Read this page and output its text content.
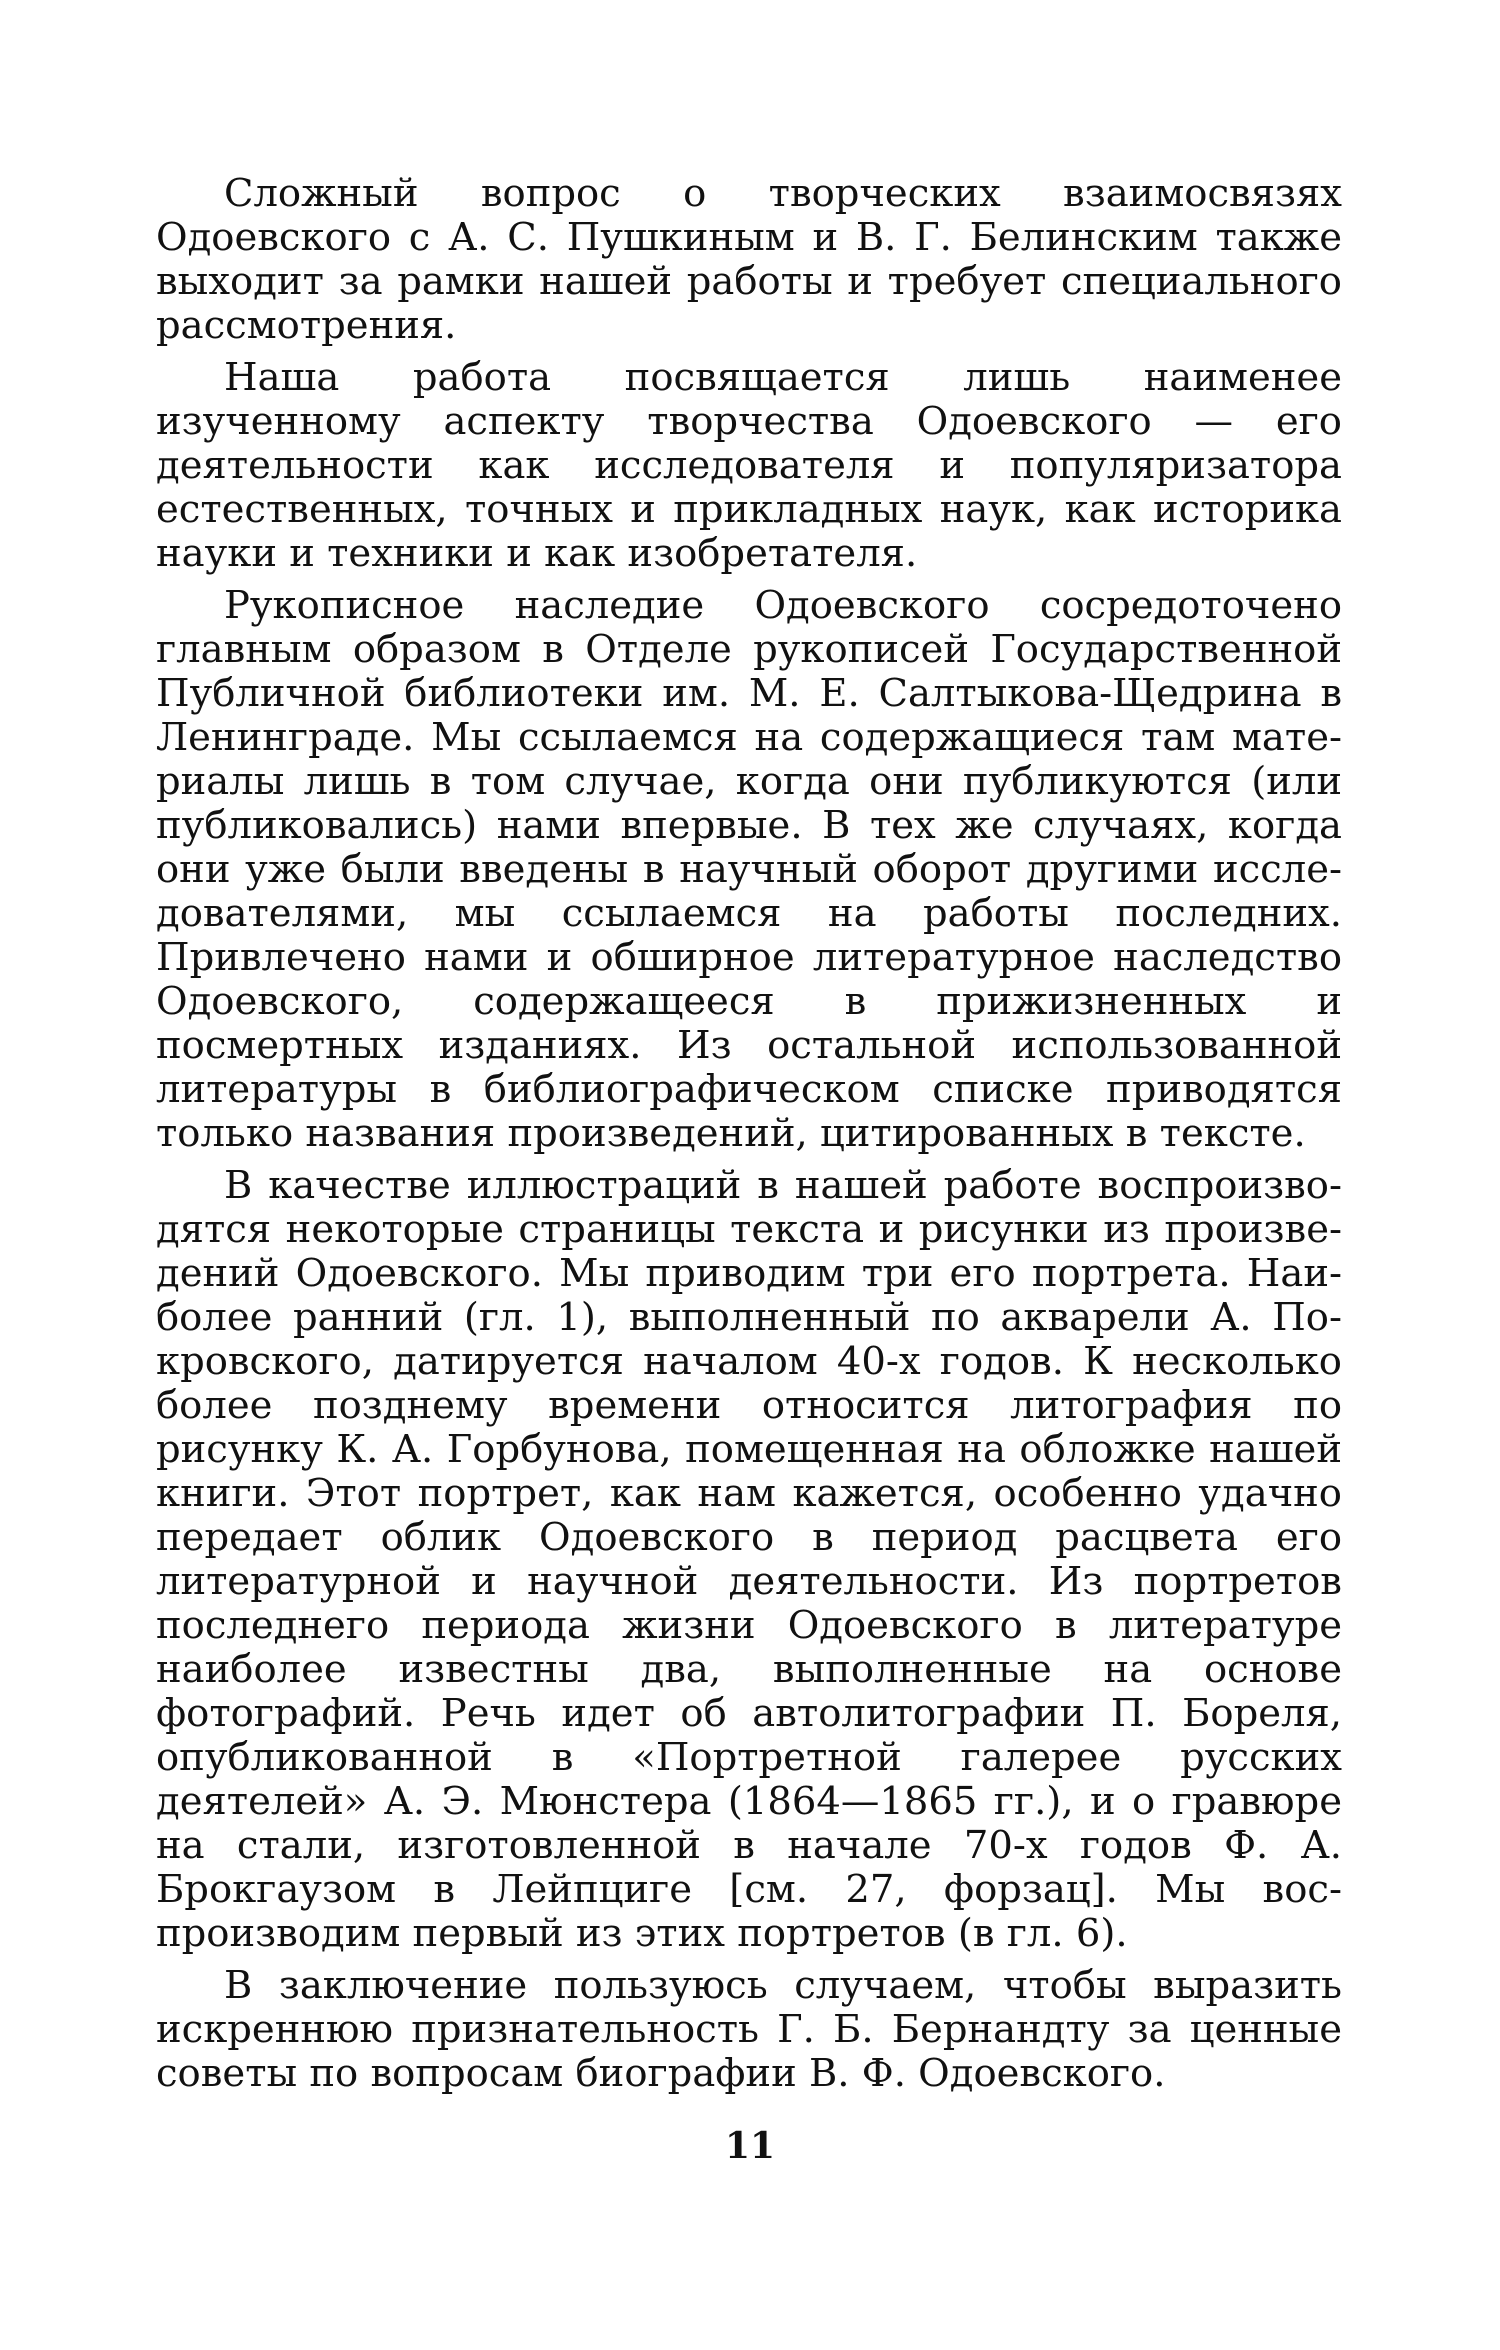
Сложный вопрос о творческих взаимосвязях Одоевского с А. С. Пушкиным и В. Г. Белинским также выходит за рамки нашей работы и требует специального рассмотрения.

Наша работа посвящается лишь наименее изученному аспекту творчества Одоевского — его деятельности как исследователя и популяризатора естественных, точных и прикладных наук, как историка науки и техники и как изобретателя.

Рукописное наследие Одоевского сосредоточено главным образом в Отделе рукописей Государственной Публичной библиотеки им. М. Е. Салтыкова-Щедрина в Ленинграде. Мы ссылаемся на содержащиеся там материалы лишь в том случае, когда они публикуются (или публиковались) нами впервые. В тех же случаях, когда они уже были введены в научный оборот другими исследователями, мы ссылаемся на работы последних. Привлечено нами и обширное литературное наследство Одоевского, содержащееся в прижизненных и посмертных изданиях. Из остальной использованной литературы в библиографическом списке приводятся только названия произведений, цитированных в тексте.

В качестве иллюстраций в нашей работе воспроизводятся некоторые страницы текста и рисунки из произведений Одоевского. Мы приводим три его портрета. Наиболее ранний (гл. 1), выполненный по акварели А. Покровского, датируется началом 40-х годов. К несколько более позднему времени относится литография по рисунку К. А. Горбунова, помещенная на обложке нашей книги. Этот портрет, как нам кажется, особенно удачно передает облик Одоевского в период расцвета его литературной и научной деятельности. Из портретов последнего периода жизни Одоевского в литературе наиболее известны два, выполненные на основе фотографий. Речь идет об автолитографии П. Бореля, опубликованной в «Портретной галерее русских деятелей» А. Э. Мюнстера (1864—1865 гг.), и о гравюре на стали, изготовленной в начале 70-х годов Ф. А. Брокгаузом в Лейпциге [см. 27, форзац]. Мы воспроизводим первый из этих портретов (в гл. 6).

В заключение пользуюсь случаем, чтобы выразить искреннюю признательность Г. Б. Бернандту за ценные советы по вопросам биографии В. Ф. Одоевского.

11
